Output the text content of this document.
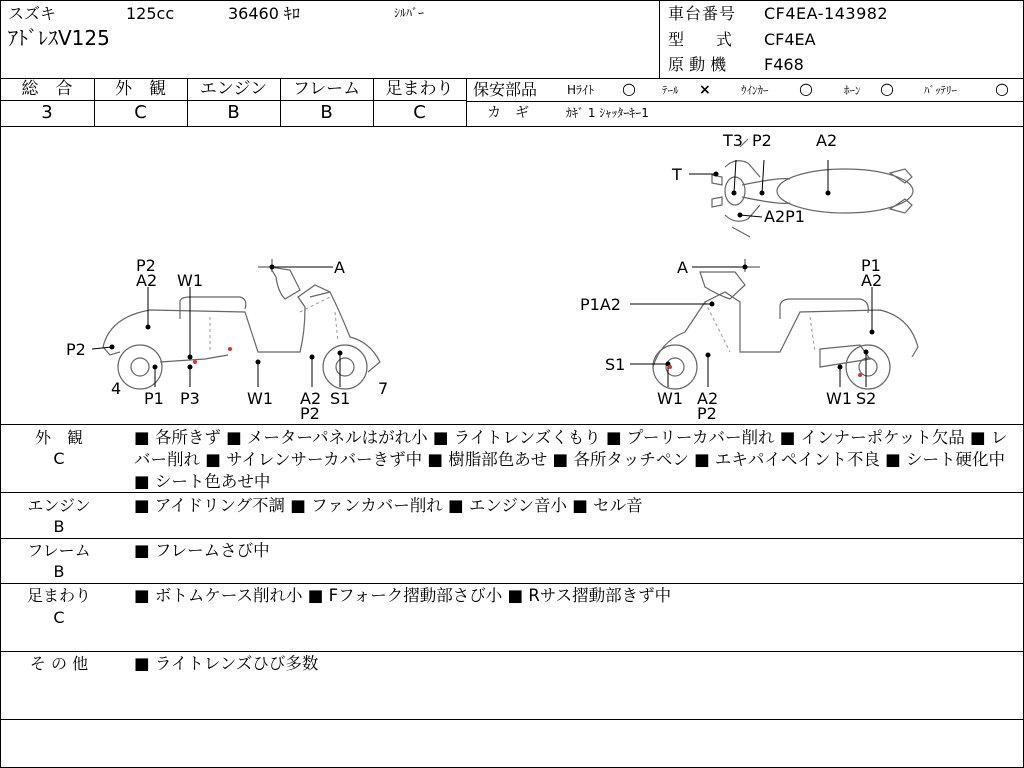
スズキ	125cc	36460 ｷﾛ	ｼﾙﾊﾞｰ
ｱﾄﾞﾚｽV125
車台番号 CF4EA-143982
型　　式 CF4EA
原 動 機 F468
総　合	外　観	エンジン	フレーム	足まわり
3	C	B	B	C
保安部品 Hﾗｲﾄ ○ ﾃｰﾙ ×	ｳｲﾝｶｰ ○	ﾎｰﾝ ○	ﾊﾞｯﾃﾘｰ ○
カ　ギ	ｶｷﾞ 1 ｼｬｯﾀｰｷｰ1
T3 P2	A2
T
A2P1
P2
A2 W1
A
P2
4
P1 P3	W1 A2
P2
S1
7
A	P1
A2
P1A2
S1
W1 A2
P2
W1 S2
外　観
C
■ 各所きず ■ メーターパネルはがれ小 ■ ライトレンズくもり ■ プーリーカバー削れ ■ インナーポケット欠品 ■ レバー削れ ■ サイレンサーカバーきず中 ■ 樹脂部色あせ ■ 各所タッチペン ■ エキパイペイント不良 ■ シート硬化中 ■ シート色あせ中
エンジン
B
■ アイドリング不調 ■ ファンカバー削れ ■ エンジン音小 ■ セル音
フレーム
B
■ フレームさび中
足まわり
C
■ ボトムケース削れ小 ■ Fフォーク摺動部さび小 ■ Rサス摺動部きず中
そ の 他	■ ライトレンズひび多数
